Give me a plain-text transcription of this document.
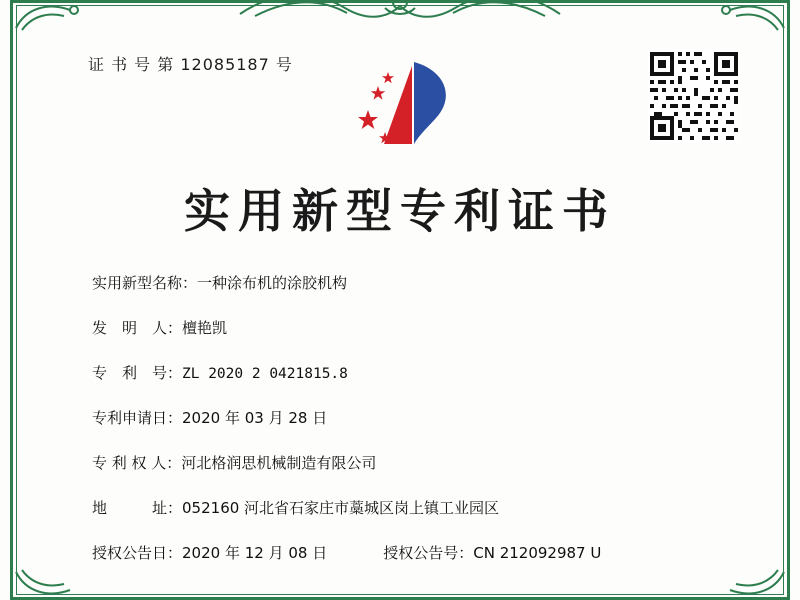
证 书 号 第 12085187 号
实用新型专利证书
实用新型名称： 一种涂布机的涂胶机构
发　明　人： 檀艳凯
专　利　号： ZL 2020 2 0421815.8
专利申请日： 2020 年 03 月 28 日
专 利 权 人： 河北格润思机械制造有限公司
地　　　址： 052160 河北省石家庄市藁城区岗上镇工业园区
授权公告日： 2020 年 12 月 08 日	授权公告号： CN 212092987 U
